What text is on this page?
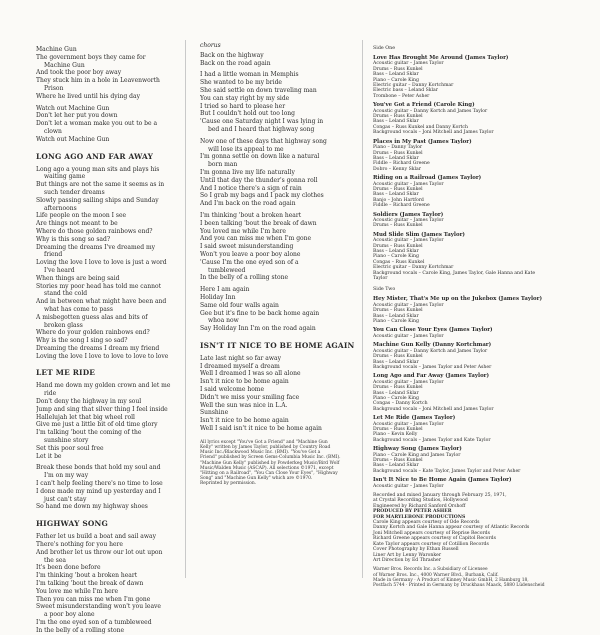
Machine Gun
The government boys they came for
Machine Gun
And took the poor boy away
They stuck him in a hole in Leavenworth
Prison
Where he lived until his dying day

Watch out Machine Gun
Don't let her put you down
Don't let a woman make you out to be a
clown
Watch out Machine Gun
LONG AGO AND FAR AWAY
Long ago a young man sits and plays his
waiting game
But things are not the same it seems as in
such tender dreams
Slowly passing sailing ships and Sunday
afternoons
Life people on the moon I see
Are things not meant to be
Where do those golden rainbows end?
Why is this song so sad?
Dreaming the dreams I've dreamed my
friend
Loving the love I love to love is just a word
I've heard
When things are being said
Stories my poor head has told me cannot
stand the cold
And in between what might have been and
what has come to pass
A misbegotten guess alas and bits of
broken glass
Where do your golden rainbows end?
Why is the song I sing so sad?
Dreaming the dreams I dream my friend
Loving the love I love to love to love to love
LET ME RIDE
Hand me down my golden crown and let me
ride
Don't deny the highway in my soul
Jump and sing that silver thing I feel inside
Hallelujah let that big wheel roll
Give me just a little bit of old time glory
I'm talking 'bout the coming of the
sunshine story
Set this poor soul free
Let it be

Break these bonds that hold my soul and
I'm on my way
I can't help feeling there's no time to lose
I done made my mind up yesterday and I
just can't stay
So hand me down my highway shoes
HIGHWAY SONG
Father let us build a boat and sail away
There's nothing for you here
And brother let us throw our lot out upon
the sea
It's been done before
I'm thinking 'bout a broken heart
I'm talking 'bout the break of dawn
You love me while I'm here
Then you can miss me when I'm gone
Sweet misunderstanding won't you leave
a poor boy alone
I'm the one eyed son of a tumbleweed
In the belly of a rolling stone
chorus
Back on the highway
Back on the road again

I had a little woman in Memphis
She wanted to be my bride
She said settle on down traveling man
You can stay right by my side
I tried so hard to please her
But I couldn't hold out too long
'Cause one Saturday night I was lying in
bed and I heard that highway song

Now one of these days that highway song
will lose its appeal to me
I'm gonna settle on down like a natural
born man
I'm gonna live my life naturally
Until that day the thunder's gonna roll
And I notice there's a sign of rain
So I grab my bags and I pack my clothes
And I'm back on the road again

I'm thinking 'bout a broken heart
I been talking 'bout the break of dawn
You loved me while I'm here
And you can miss me when I'm gone
I said sweet misunderstanding
Won't you leave a poor boy alone
'Cause I'm the one eyed son of a
tumbleweed
In the belly of a rolling stone

Here I am again
Holiday Inn
Same old four walls again
Gee but it's fine to be back home again
whoa now
Say Holiday Inn I'm on the road again
ISN'T IT NICE TO BE HOME AGAIN
Late last night so far away
I dreamed myself a dream
Well I dreamed I was so all alone
Isn't it nice to be home again
I said welcome home
Didn't we miss your smiling face
Well the sun was nice in L.A.
Sunshine
Isn't it nice to be home again
Well I said isn't it nice to be home again
All lyrics except "You've Got a Friend" and "Machine Gun
Kelly" written by James Taylor, published by Country Road
Music Inc./Blackwood Music Inc. (BMI). "You've Got a
Friend" published by Screen Gems-Columbia Music Inc. (BMI).
"Machine Gun Kelly" published by Powderkeg Music/Bird Wolf
Music/Walden Music (ASCAP). All selections ©1971, except
"Hitting on a Railroad", "You Can Close Your Eyes", "Highway
Song" and "Machine Gun Kelly" which are ©1970.
Reprinted by permission.
Side One
Love Has Brought Me Around (James Taylor)
Acoustic guitar – James Taylor
Drums – Russ Kunkel
Bass – Leland Sklar
Piano – Carole King
Electric guitar – Danny Kortchmar
Electric bass – Leland Sklar
Trombone – Peter Asher
You've Got a Friend (Carole King)
Acoustic guitar – Danny Kortch and James Taylor
Drums – Russ Kunkel
Bass – Leland Sklar
Congas – Russ Kunkel and Danny Kortch
Background vocals – Joni Mitchell and James Taylor
Places in My Past (James Taylor)
Piano – Danny Taylor
Drums – Russ Kunkel
Bass – Leland Sklar
Fiddle – Richard Greene
Dobro – Kenny Sklar
Riding on a Railroad (James Taylor)
Acoustic guitar – James Taylor
Drums – Russ Kunkel
Bass – Leland Sklar
Banjo – John Hartford
Fiddle – Richard Greene
Soldiers (James Taylor)
Acoustic guitar – James Taylor
Drums – Russ Kunkel
Mud Slide Slim (James Taylor)
Acoustic guitar – James Taylor
Drums – Russ Kunkel
Bass – Leland Sklar
Piano – Carole King
Congas – Russ Kunkel
Electric guitar – Danny Kortchmar
Background vocals – Carole King, James Taylor, Gale Hanna and Kate Taylor
Side Two
Hey Mister, That's Me up on the Jukebox (James Taylor)
Acoustic guitar – James Taylor
Drums – Russ Kunkel
Bass – Leland Sklar
Piano – Carole King
You Can Close Your Eyes (James Taylor)
Acoustic guitar – James Taylor
Machine Gun Kelly (Danny Kortchmar)
Acoustic guitar – Danny Kortch and James Taylor
Drums – Russ Kunkel
Bass – Leland Sklar
Background vocals – James Taylor and Peter Asher
Long Ago and Far Away (James Taylor)
Acoustic guitar – James Taylor
Drums – Russ Kunkel
Bass – Leland Sklar
Piano – Carole King
Congas – Danny Kortch
Background vocals – Joni Mitchell and James Taylor
Let Me Ride (James Taylor)
Acoustic guitar – James Taylor
Drums – Russ Kunkel
Piano – Kevin Kelly
Background vocals – James Taylor and Kate Taylor
Highway Song (James Taylor)
Piano – Carole King and James Taylor
Drums – Russ Kunkel
Bass – Leland Sklar
Background vocals – Kate Taylor, James Taylor and Peter Asher
Isn't It Nice to Be Home Again (James Taylor)
Acoustic guitar – James Taylor
Recorded and mixed January through February 25, 1971,
at Crystal Recording Studios, Hollywood
Engineered by Richard Sanford Orshoff
PRODUCED BY PETER ASHER
FOR MARYLEBONE PRODUCTIONS
Carole King appears courtesy of Ode Records
Danny Kortch and Gale Hanna appear courtesy of Atlantic Records
Joni Mitchell appears courtesy of Reprise Records
Richard Greene appears courtesy of Capitol Records
Kate Taylor appears courtesy of Cotillion Records
Cover Photography by Ethan Russell
Liner Art by Lenny Waronker
Art Direction by Ed Thrasher
Warner Bros. Records Inc. a Subsidiary of Licensee
of Warner Bros. Inc., 4000 Warner Blvd., Burbank, Calif.
Made in Germany · A Product of Kinney Music GmbH, 2 Hamburg 18,
Postfach 5744 · Printed in Germany by Druckhaus Maack, 5880 Lüdenscheid
